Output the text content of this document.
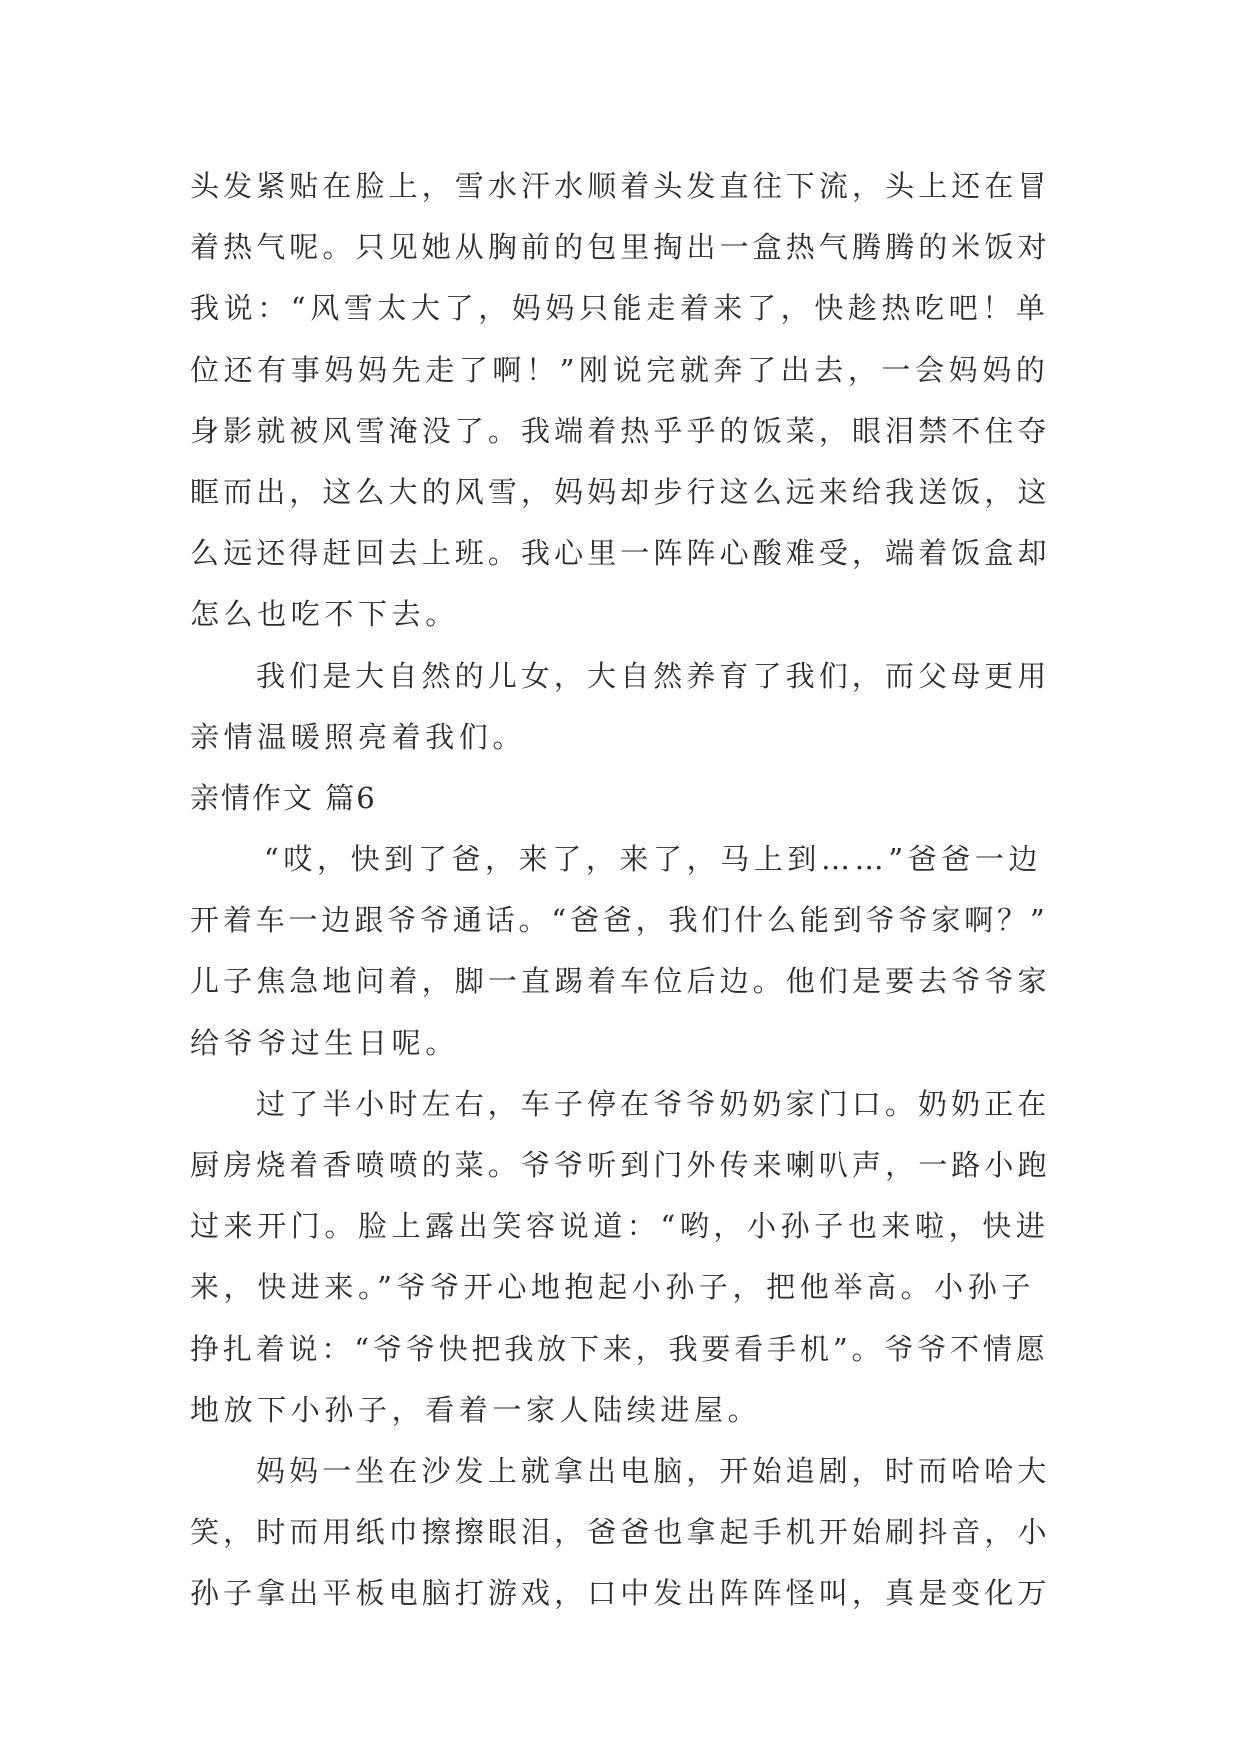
头发紧贴在脸上，雪水汗水顺着头发直往下流，头上还在冒
着热气呢。只见她从胸前的包里掏出一盒热气腾腾的米饭对
我说：“风雪太大了，妈妈只能走着来了，快趁热吃吧！单
位还有事妈妈先走了啊！”刚说完就奔了出去，一会妈妈的
身影就被风雪淹没了。我端着热乎乎的饭菜，眼泪禁不住夺
眶而出，这么大的风雪，妈妈却步行这么远来给我送饭，这
么远还得赶回去上班。我心里一阵阵心酸难受，端着饭盒却
怎么也吃不下去。
我们是大自然的儿女，大自然养育了我们，而父母更用
亲情温暖照亮着我们。
亲情作文 篇6
“哎，快到了爸，来了，来了，马上到……”爸爸一边
开着车一边跟爷爷通话。“爸爸，我们什么能到爷爷家啊？”
儿子焦急地问着，脚一直踢着车位后边。他们是要去爷爷家
给爷爷过生日呢。
过了半小时左右，车子停在爷爷奶奶家门口。奶奶正在
厨房烧着香喷喷的菜。爷爷听到门外传来喇叭声，一路小跑
过来开门。脸上露出笑容说道：“哟，小孙子也来啦，快进
来，快进来。”爷爷开心地抱起小孙子，把他举高。小孙子
挣扎着说：“爷爷快把我放下来，我要看手机”。爷爷不情愿
地放下小孙子，看着一家人陆续进屋。
妈妈一坐在沙发上就拿出电脑，开始追剧，时而哈哈大
笑，时而用纸巾擦擦眼泪，爸爸也拿起手机开始刷抖音，小
孙子拿出平板电脑打游戏，口中发出阵阵怪叫，真是变化万
